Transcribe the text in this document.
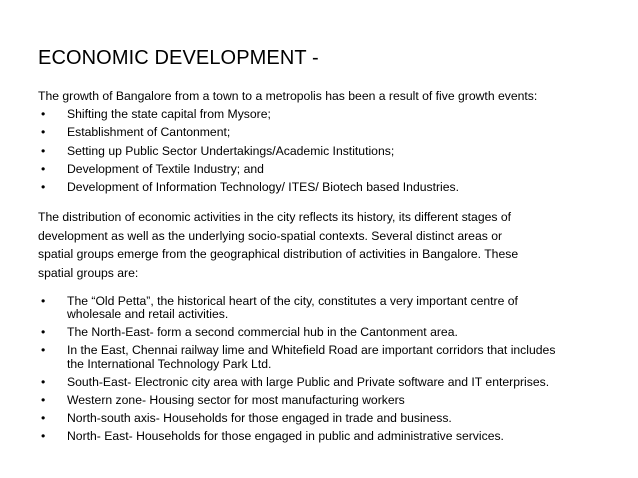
ECONOMIC DEVELOPMENT -

The growth of Bangalore from a town to a metropolis has been a result of five growth events:

• Shifting the state capital from Mysore;
• Establishment of Cantonment;
• Setting up Public Sector Undertakings/Academic Institutions;
• Development of Textile Industry; and
• Development of Information Technology/ ITES/ Biotech based Industries.

The distribution of economic activities in the city reflects its history, its different stages of
development as well as the underlying socio-spatial contexts. Several distinct areas or
spatial groups emerge from the geographical distribution of activities in Bangalore. These
spatial groups are:

• The “Old Petta”, the historical heart of the city, constitutes a very important centre of
wholesale and retail activities.
• The North-East- form a second commercial hub in the Cantonment area.
• In the East, Chennai railway lime and Whitefield Road are important corridors that includes
the International Technology Park Ltd.
• South-East- Electronic city area with large Public and Private software and IT enterprises.
• Western zone- Housing sector for most manufacturing workers
• North-south axis- Households for those engaged in trade and business.
• North- East- Households for those engaged in public and administrative services.
